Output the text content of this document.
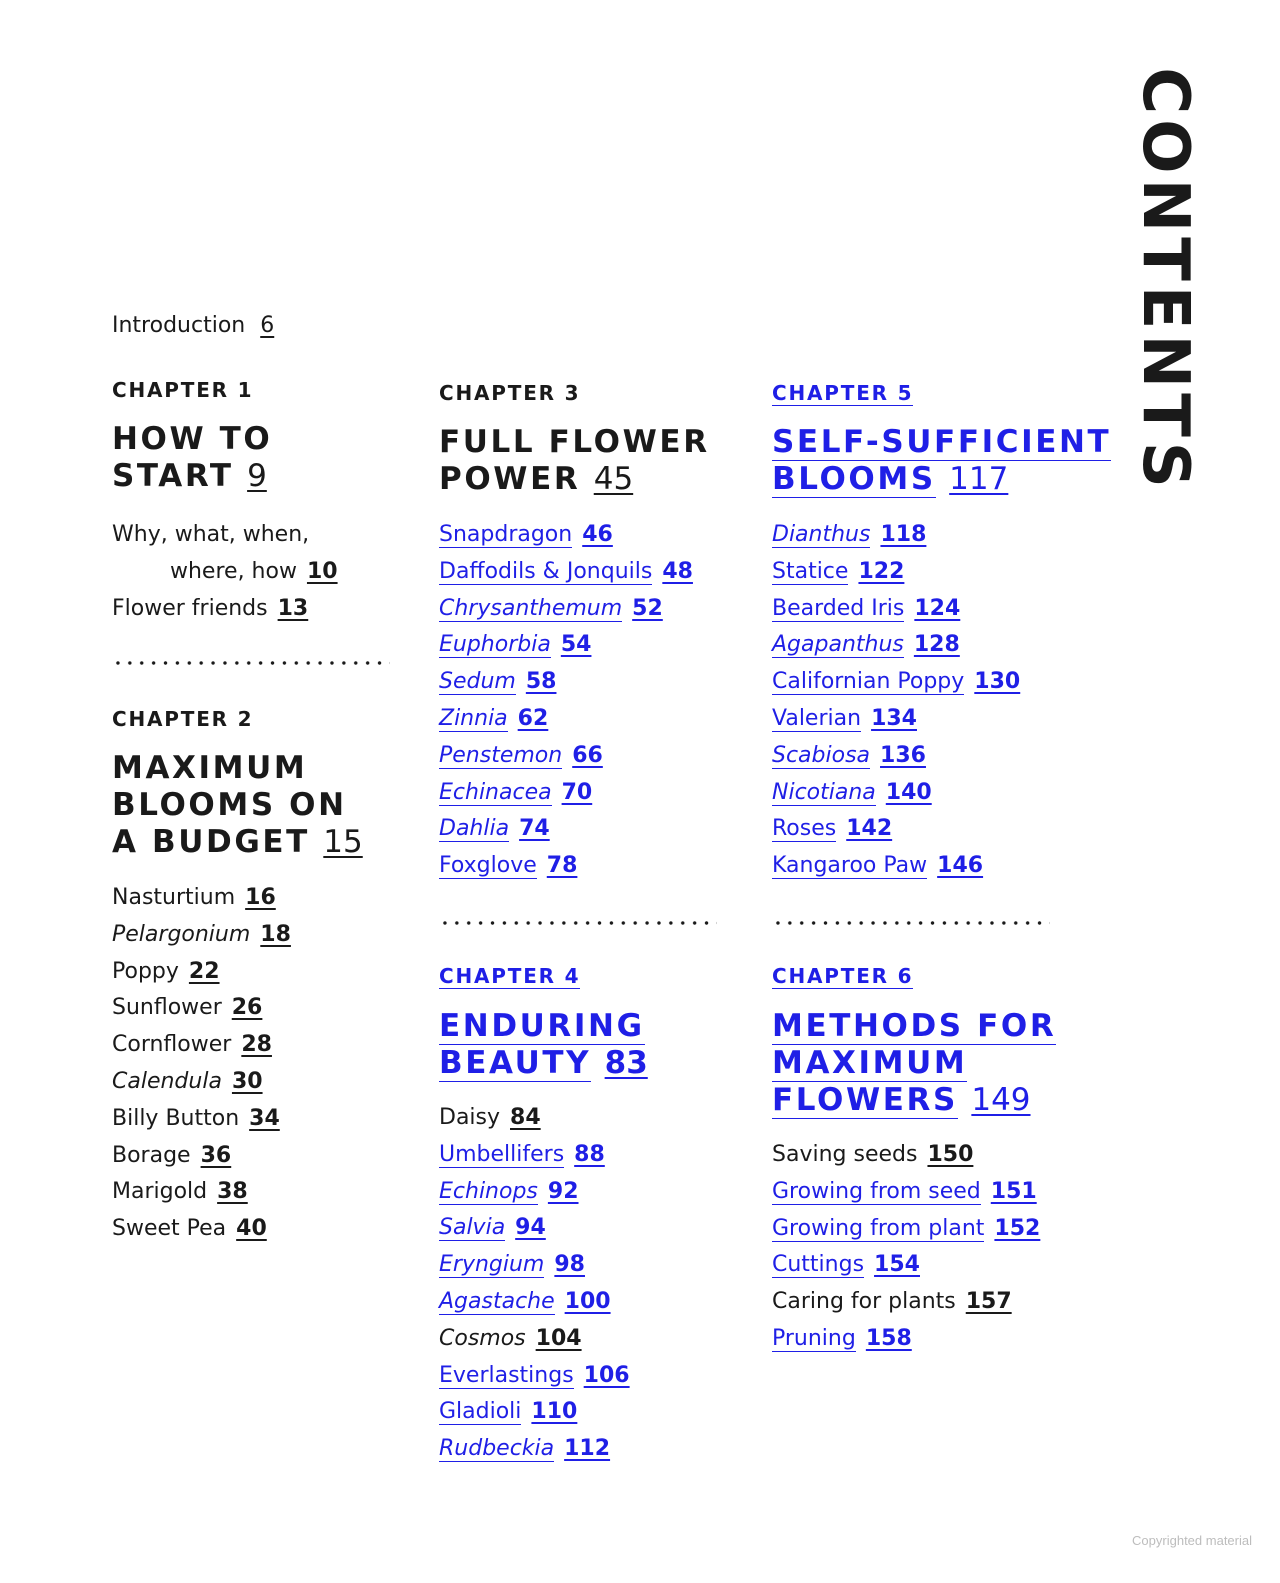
Introduction 6
CHAPTER 1
HOW TO
START 9
Why, what, when,
where, how 10
Flower friends 13
CHAPTER 2
MAXIMUM
BLOOMS ON
A BUDGET 15
Nasturtium 16
Pelargonium 18
Poppy 22
Sunflower 26
Cornflower 28
Calendula 30
Billy Button 34
Borage 36
Marigold 38
Sweet Pea 40
CHAPTER 3
FULL FLOWER
POWER 45
Snapdragon 46
Daffodils & Jonquils 48
Chrysanthemum 52
Euphorbia 54
Sedum 58
Zinnia 62
Penstemon 66
Echinacea 70
Dahlia 74
Foxglove 78
CHAPTER 4
ENDURING
BEAUTY 83
Daisy 84
Umbellifers 88
Echinops 92
Salvia 94
Eryngium 98
Agastache 100
Cosmos 104
Everlastings 106
Gladioli 110
Rudbeckia 112
CHAPTER 5
SELF-SUFFICIENT
BLOOMS 117
Dianthus 118
Statice 122
Bearded Iris 124
Agapanthus 128
Californian Poppy 130
Valerian 134
Scabiosa 136
Nicotiana 140
Roses 142
Kangaroo Paw 146
CHAPTER 6
METHODS FOR
MAXIMUM
FLOWERS 149
Saving seeds 150
Growing from seed 151
Growing from plant 152
Cuttings 154
Caring for plants 157
Pruning 158
CONTENTS
Copyrighted material
